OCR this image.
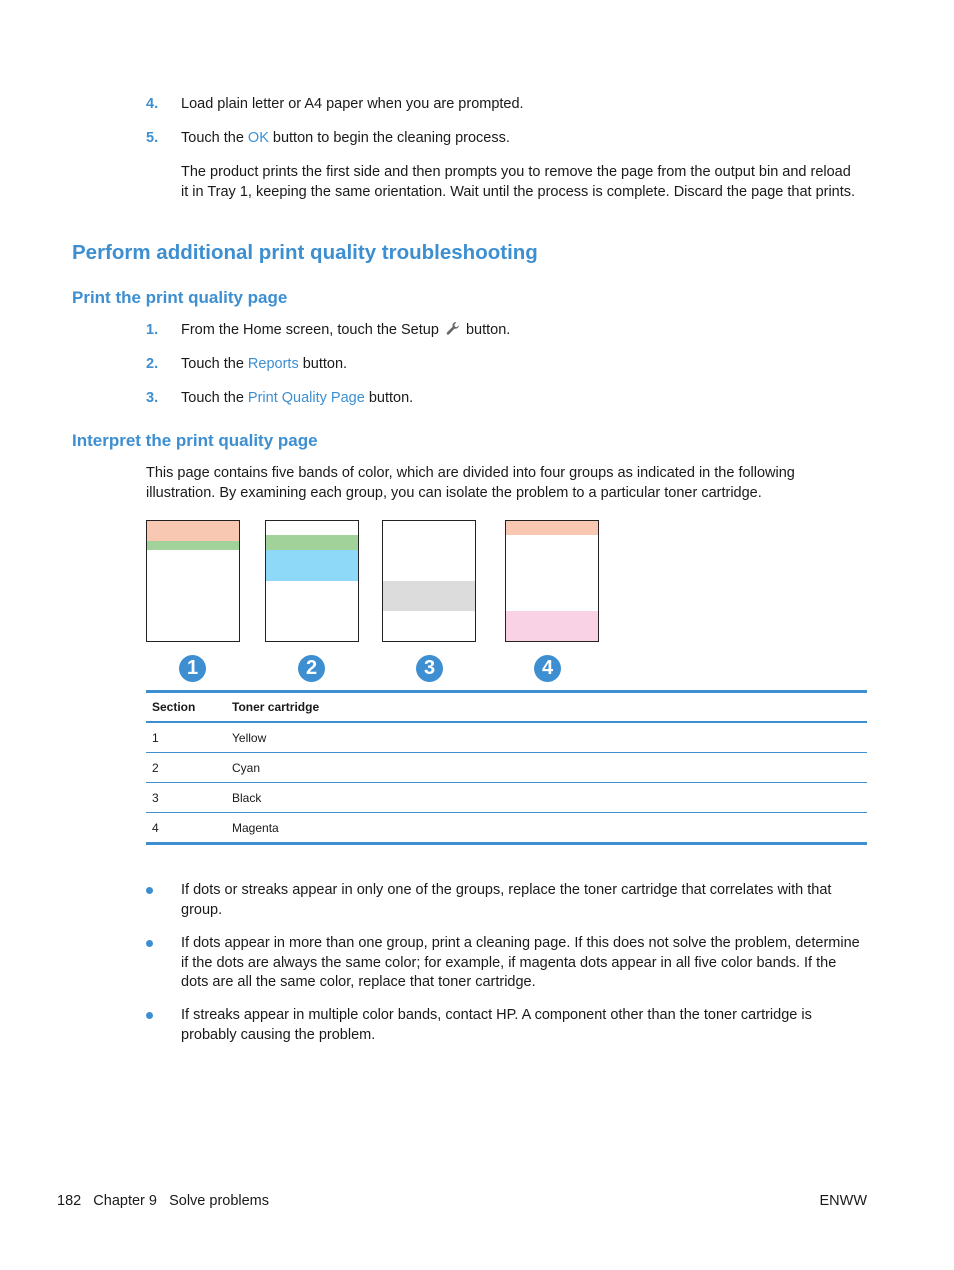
4. Load plain letter or A4 paper when you are prompted.
5. Touch the OK button to begin the cleaning process.
The product prints the first side and then prompts you to remove the page from the output bin and reload it in Tray 1, keeping the same orientation. Wait until the process is complete. Discard the page that prints.
Perform additional print quality troubleshooting
Print the print quality page
1. From the Home screen, touch the Setup button.
2. Touch the Reports button.
3. Touch the Print Quality Page button.
Interpret the print quality page
This page contains five bands of color, which are divided into four groups as indicated in the following illustration. By examining each group, you can isolate the problem to a particular toner cartridge.
1	2	3	4
Section	Toner cartridge
1	Yellow
2	Cyan
3	Black
4	Magenta
If dots or streaks appear in only one of the groups, replace the toner cartridge that correlates with that group.
If dots appear in more than one group, print a cleaning page. If this does not solve the problem, determine if the dots are always the same color; for example, if magenta dots appear in all five color bands. If the dots are all the same color, replace that toner cartridge.
If streaks appear in multiple color bands, contact HP. A component other than the toner cartridge is probably causing the problem.
182 Chapter 9 Solve problems	ENWW
